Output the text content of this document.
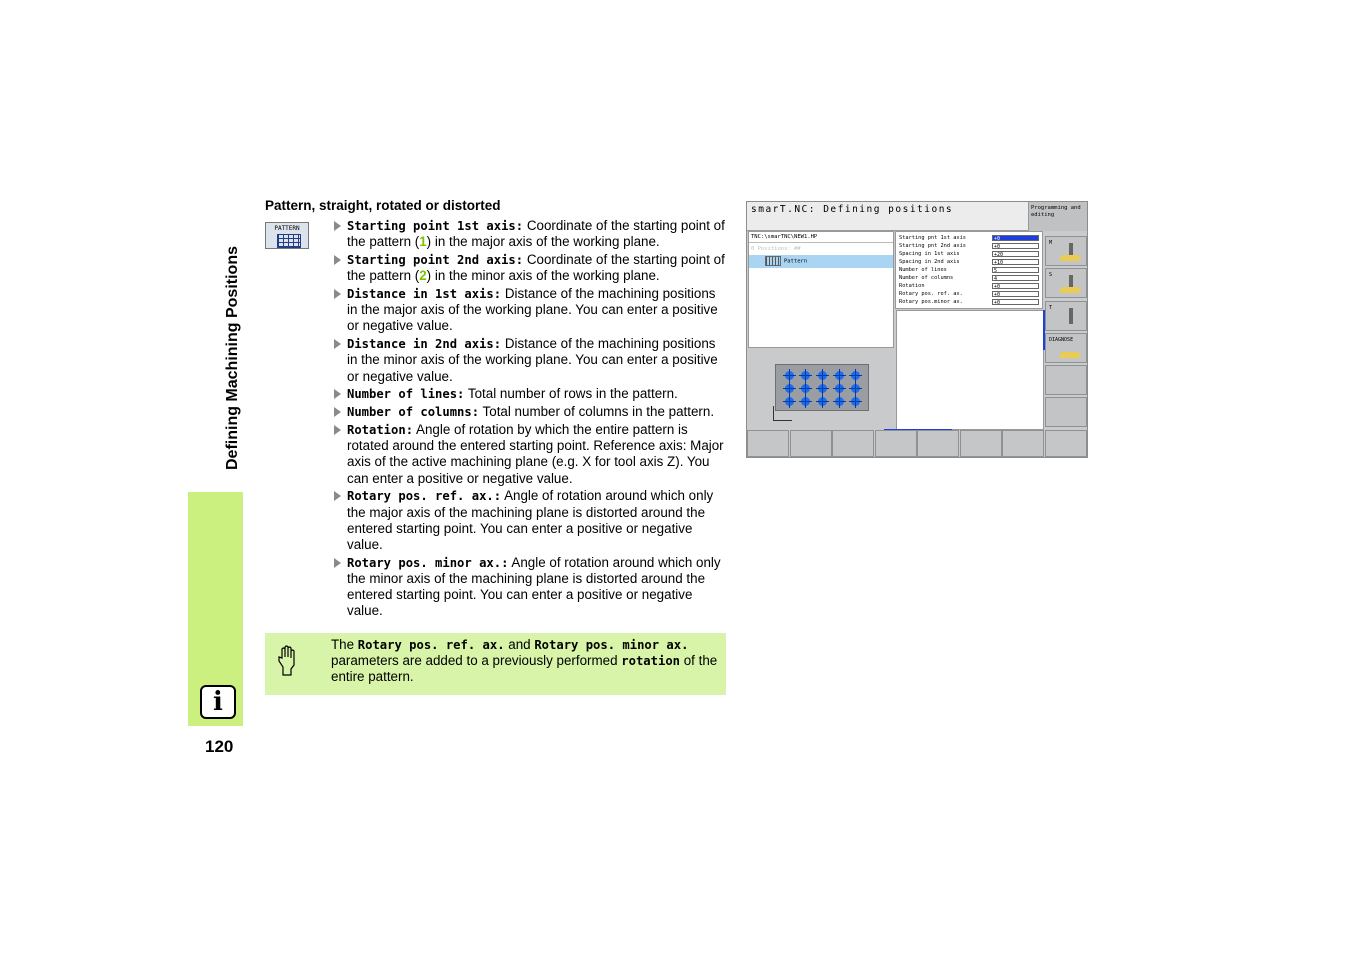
Defining Machining Positions
i
120
Pattern, straight, rotated or distorted
PATTERN	Starting point 1st axis: Coordinate of the starting point of the pattern (1) in the major axis of the working plane.
Starting point 2nd axis: Coordinate of the starting point of the pattern (2) in the minor axis of the working plane.
Distance in 1st axis: Distance of the machining positions in the major axis of the working plane. You can enter a positive or negative value.
Distance in 2nd axis: Distance of the machining positions in the minor axis of the working plane. You can enter a positive or negative value.
Number of lines: Total number of rows in the pattern.
Number of columns: Total number of columns in the pattern.
Rotation: Angle of rotation by which the entire pattern is rotated around the entered starting point. Reference axis: Major axis of the active machining plane (e.g. X for tool axis Z). You can enter a positive or negative value.
Rotary pos. ref. ax.: Angle of rotation around which only the major axis of the machining plane is distorted around the entered starting point. You can enter a positive or negative value.
Rotary pos. minor ax.: Angle of rotation around which only the minor axis of the machining plane is distorted around the entered starting point. You can enter a positive or negative value.
The Rotary pos. ref. ax. and Rotary pos. minor ax. parameters are added to a previously performed rotation of the entire pattern.
smarT.NC: Defining positions	Programming and editing
TNC:\smarTNC\NEW1.HP
0 Positions: ##
Pattern
Starting pnt 1st axis	+0
Starting pnt 2nd axis	+0
Spacing in 1st axis	+20
Spacing in 2nd axis	+10
Number of lines	5
Number of columns	4
Rotation	+0
Rotary pos. ref. ax.	+0
Rotary pos.minor ax.	+0
M
S
T
DIAGNOSE
